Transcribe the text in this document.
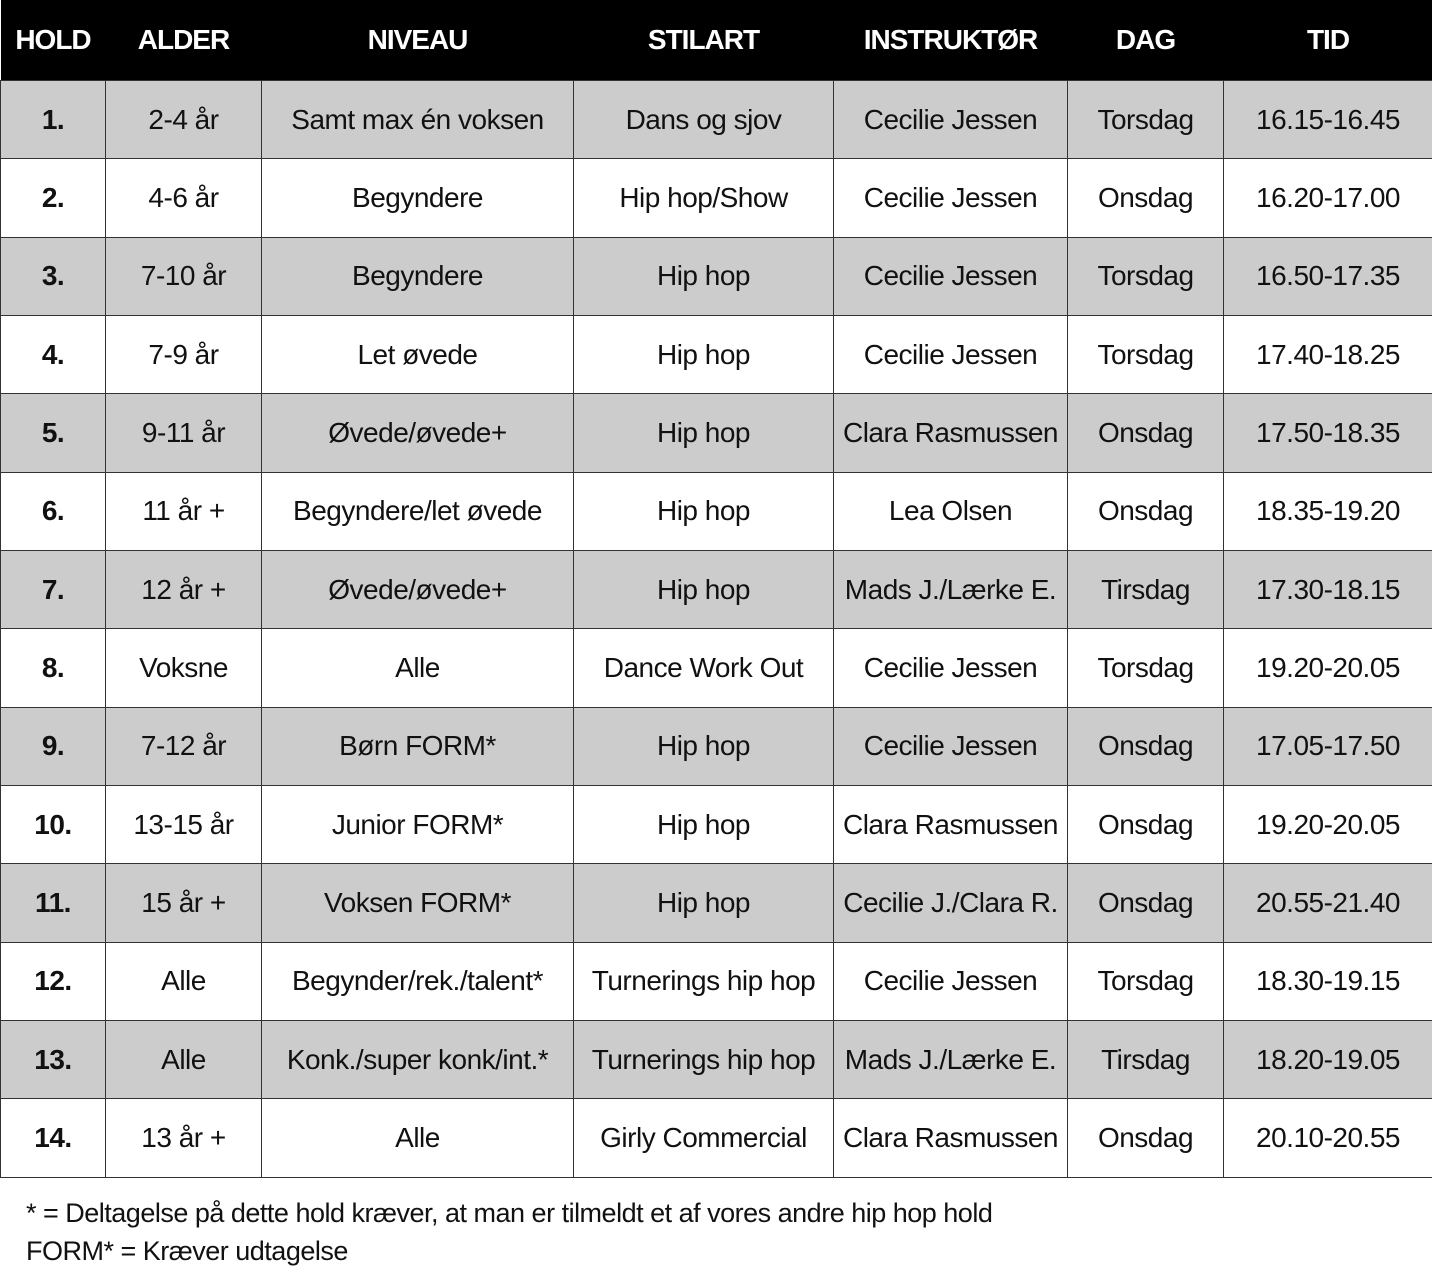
HOLD	ALDER	NIVEAU	STILART	INSTRUKTØR	DAG	TID
1.	2-4 år	Samt max én voksen	Dans og sjov	Cecilie Jessen	Torsdag	16.15-16.45
2.	4-6 år	Begyndere	Hip hop/Show	Cecilie Jessen	Onsdag	16.20-17.00
3.	7-10 år	Begyndere	Hip hop	Cecilie Jessen	Torsdag	16.50-17.35
4.	7-9 år	Let øvede	Hip hop	Cecilie Jessen	Torsdag	17.40-18.25
5.	9-11 år	Øvede/øvede+	Hip hop	Clara Rasmussen	Onsdag	17.50-18.35
6.	11 år +	Begyndere/let øvede	Hip hop	Lea Olsen	Onsdag	18.35-19.20
7.	12 år +	Øvede/øvede+	Hip hop	Mads J./Lærke E.	Tirsdag	17.30-18.15
8.	Voksne	Alle	Dance Work Out	Cecilie Jessen	Torsdag	19.20-20.05
9.	7-12 år	Børn FORM*	Hip hop	Cecilie Jessen	Onsdag	17.05-17.50
10.	13-15 år	Junior FORM*	Hip hop	Clara Rasmussen	Onsdag	19.20-20.05
11.	15 år +	Voksen FORM*	Hip hop	Cecilie J./Clara R.	Onsdag	20.55-21.40
12.	Alle	Begynder/rek./talent*	Turnerings hip hop	Cecilie Jessen	Torsdag	18.30-19.15
13.	Alle	Konk./super konk/int.*	Turnerings hip hop	Mads J./Lærke E.	Tirsdag	18.20-19.05
14.	13 år +	Alle	Girly Commercial	Clara Rasmussen	Onsdag	20.10-20.55
* = Deltagelse på dette hold kræver, at man er tilmeldt et af vores andre hip hop hold
FORM* = Kræver udtagelse
